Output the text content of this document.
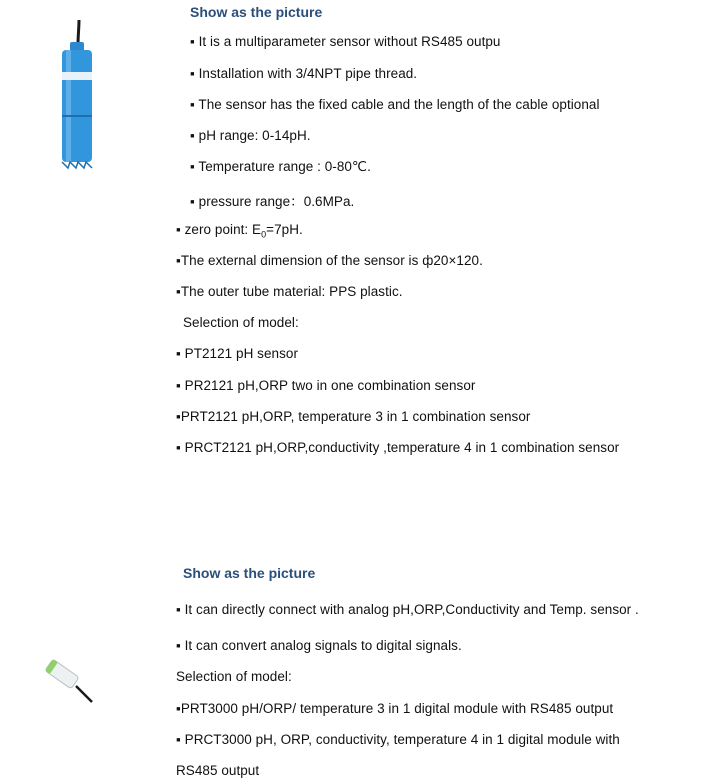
Show as the picture
▪ It is a multiparameter sensor without RS485 outpu
▪ Installation with 3/4NPT pipe thread.
▪ The sensor has the fixed cable and the length of the cable optional
▪ pH range: 0-14pH.
▪ Temperature range : 0-80℃.
▪ pressure range：0.6MPa.
▪ zero point: $E_0=7pH$.
▪The external dimension of the sensor is ф20×120.
▪The outer tube material: PPS plastic.
Selection of model:
▪ PT2121 pH sensor
▪ PR2121 pH,ORP two in one combination sensor
▪PRT2121 pH,ORP, temperature 3 in 1 combination sensor
▪ PRCT2121 pH,ORP,conductivity ,temperature 4 in 1 combination sensor
Show as the picture
▪ It can directly connect with analog pH,ORP,Conductivity and Temp. sensor .
▪ It can convert analog signals to digital signals.
Selection of model:
▪PRT3000 pH/ORP/ temperature 3 in 1 digital module with RS485 output
▪ PRCT3000 pH, ORP, conductivity, temperature 4 in 1 digital module with
RS485 output
